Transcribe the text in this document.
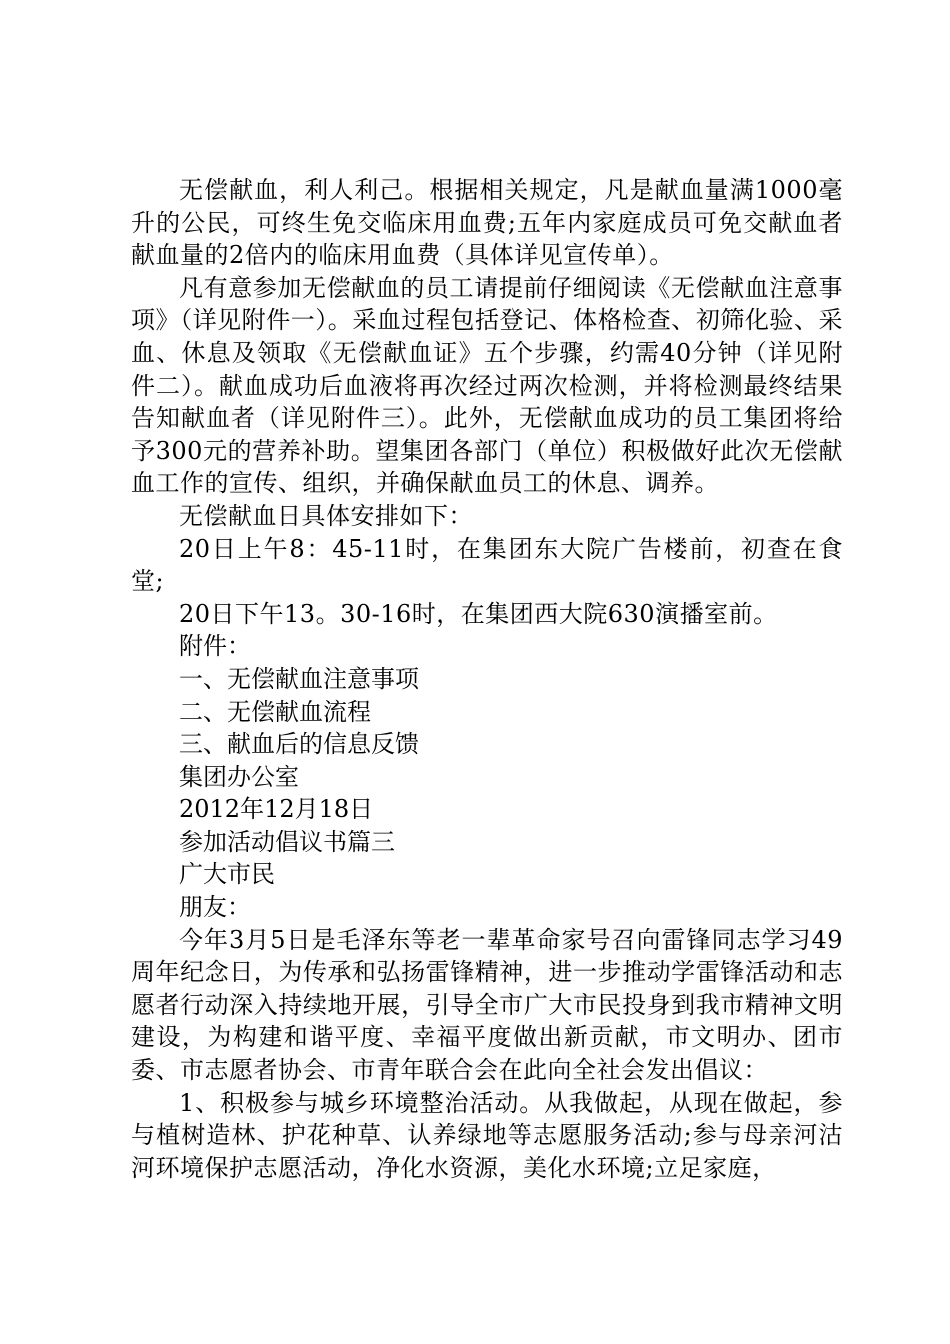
无偿献血，利人利己。根据相关规定，凡是献血量满1000毫升的公民，可终生免交临床用血费;五年内家庭成员可免交献血者献血量的2倍内的临床用血费（具体详见宣传单）。

凡有意参加无偿献血的员工请提前仔细阅读《无偿献血注意事项》（详见附件一）。采血过程包括登记、体格检查、初筛化验、采血、休息及领取《无偿献血证》五个步骤，约需40分钟（详见附件二）。献血成功后血液将再次经过两次检测，并将检测最终结果告知献血者（详见附件三）。此外，无偿献血成功的员工集团将给予300元的营养补助。望集团各部门（单位）积极做好此次无偿献血工作的宣传、组织，并确保献血员工的休息、调养。

无偿献血日具体安排如下：

20日上午8：45-11时，在集团东大院广告楼前，初查在食堂;

20日下午13。30-16时，在集团西大院630演播室前。

附件：

一、无偿献血注意事项

二、无偿献血流程

三、献血后的信息反馈

集团办公室

2012年12月18日

参加活动倡议书篇三

广大市民

朋友：

今年3月5日是毛泽东等老一辈革命家号召向雷锋同志学习49周年纪念日，为传承和弘扬雷锋精神，进一步推动学雷锋活动和志愿者行动深入持续地开展，引导全市广大市民投身到我市精神文明建设，为构建和谐平度、幸福平度做出新贡献，市文明办、团市委、市志愿者协会、市青年联合会在此向全社会发出倡议：

1、积极参与城乡环境整治活动。从我做起，从现在做起，参与植树造林、护花种草、认养绿地等志愿服务活动;参与母亲河沽河环境保护志愿活动，净化水资源，美化水环境;立足家庭，
